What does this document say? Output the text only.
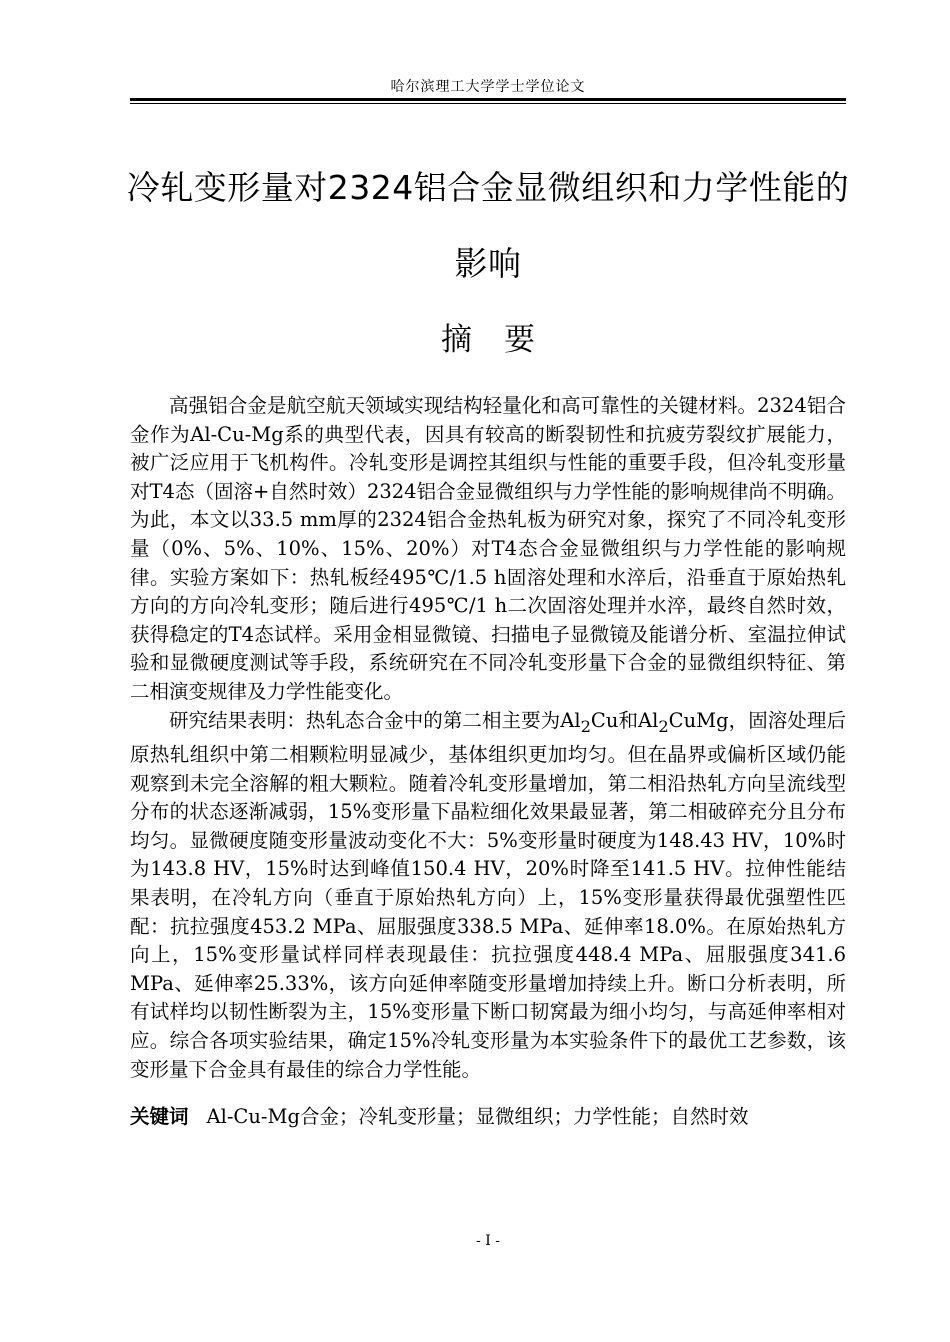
哈尔滨理工大学学士学位论文
冷轧变形量对2324铝合金显微组织和力学性能的
影响
摘要

高强铝合金是航空航天领域实现结构轻量化和高可靠性的关键材料。2324铝合金作为Al-Cu-Mg系的典型代表，因具有较高的断裂韧性和抗疲劳裂纹扩展能力，被广泛应用于飞机构件。冷轧变形是调控其组织与性能的重要手段，但冷轧变形量对T4态（固溶+自然时效）2324铝合金显微组织与力学性能的影响规律尚不明确。为此，本文以33.5 mm厚的2324铝合金热轧板为研究对象，探究了不同冷轧变形量（0%、5%、10%、15%、20%）对T4态合金显微组织与力学性能的影响规律。实验方案如下：热轧板经495℃/1.5 h固溶处理和水淬后，沿垂直于原始热轧方向的方向冷轧变形；随后进行495℃/1 h二次固溶处理并水淬，最终自然时效，获得稳定的T4态试样。采用金相显微镜、扫描电子显微镜及能谱分析、室温拉伸试验和显微硬度测试等手段，系统研究在不同冷轧变形量下合金的显微组织特征、第二相演变规律及力学性能变化。

研究结果表明：热轧态合金中的第二相主要为$Al_2Cu$和$Al_2CuMg$，固溶处理后原热轧组织中第二相颗粒明显减少，基体组织更加均匀。但在晶界或偏析区域仍能观察到未完全溶解的粗大颗粒。随着冷轧变形量增加，第二相沿热轧方向呈流线型分布的状态逐渐减弱，15%变形量下晶粒细化效果最显著，第二相破碎充分且分布均匀。显微硬度随变形量波动变化不大：5%变形量时硬度为148.43 HV，10%时为143.8 HV，15%时达到峰值150.4 HV，20%时降至141.5 HV。拉伸性能结果表明，在冷轧方向（垂直于原始热轧方向）上，15%变形量获得最优强塑性匹配：抗拉强度453.2 MPa、屈服强度338.5 MPa、延伸率18.0%。在原始热轧方向上，15%变形量试样同样表现最佳：抗拉强度448.4 MPa、屈服强度341.6 MPa、延伸率25.33%，该方向延伸率随变形量增加持续上升。断口分析表明，所有试样均以韧性断裂为主，15%变形量下断口韧窝最为细小均匀，与高延伸率相对应。综合各项实验结果，确定15%冷轧变形量为本实验条件下的最优工艺参数，该变形量下合金具有最佳的综合力学性能。

关键词 Al-Cu-Mg合金；冷轧变形量；显微组织；力学性能；自然时效
- I -
